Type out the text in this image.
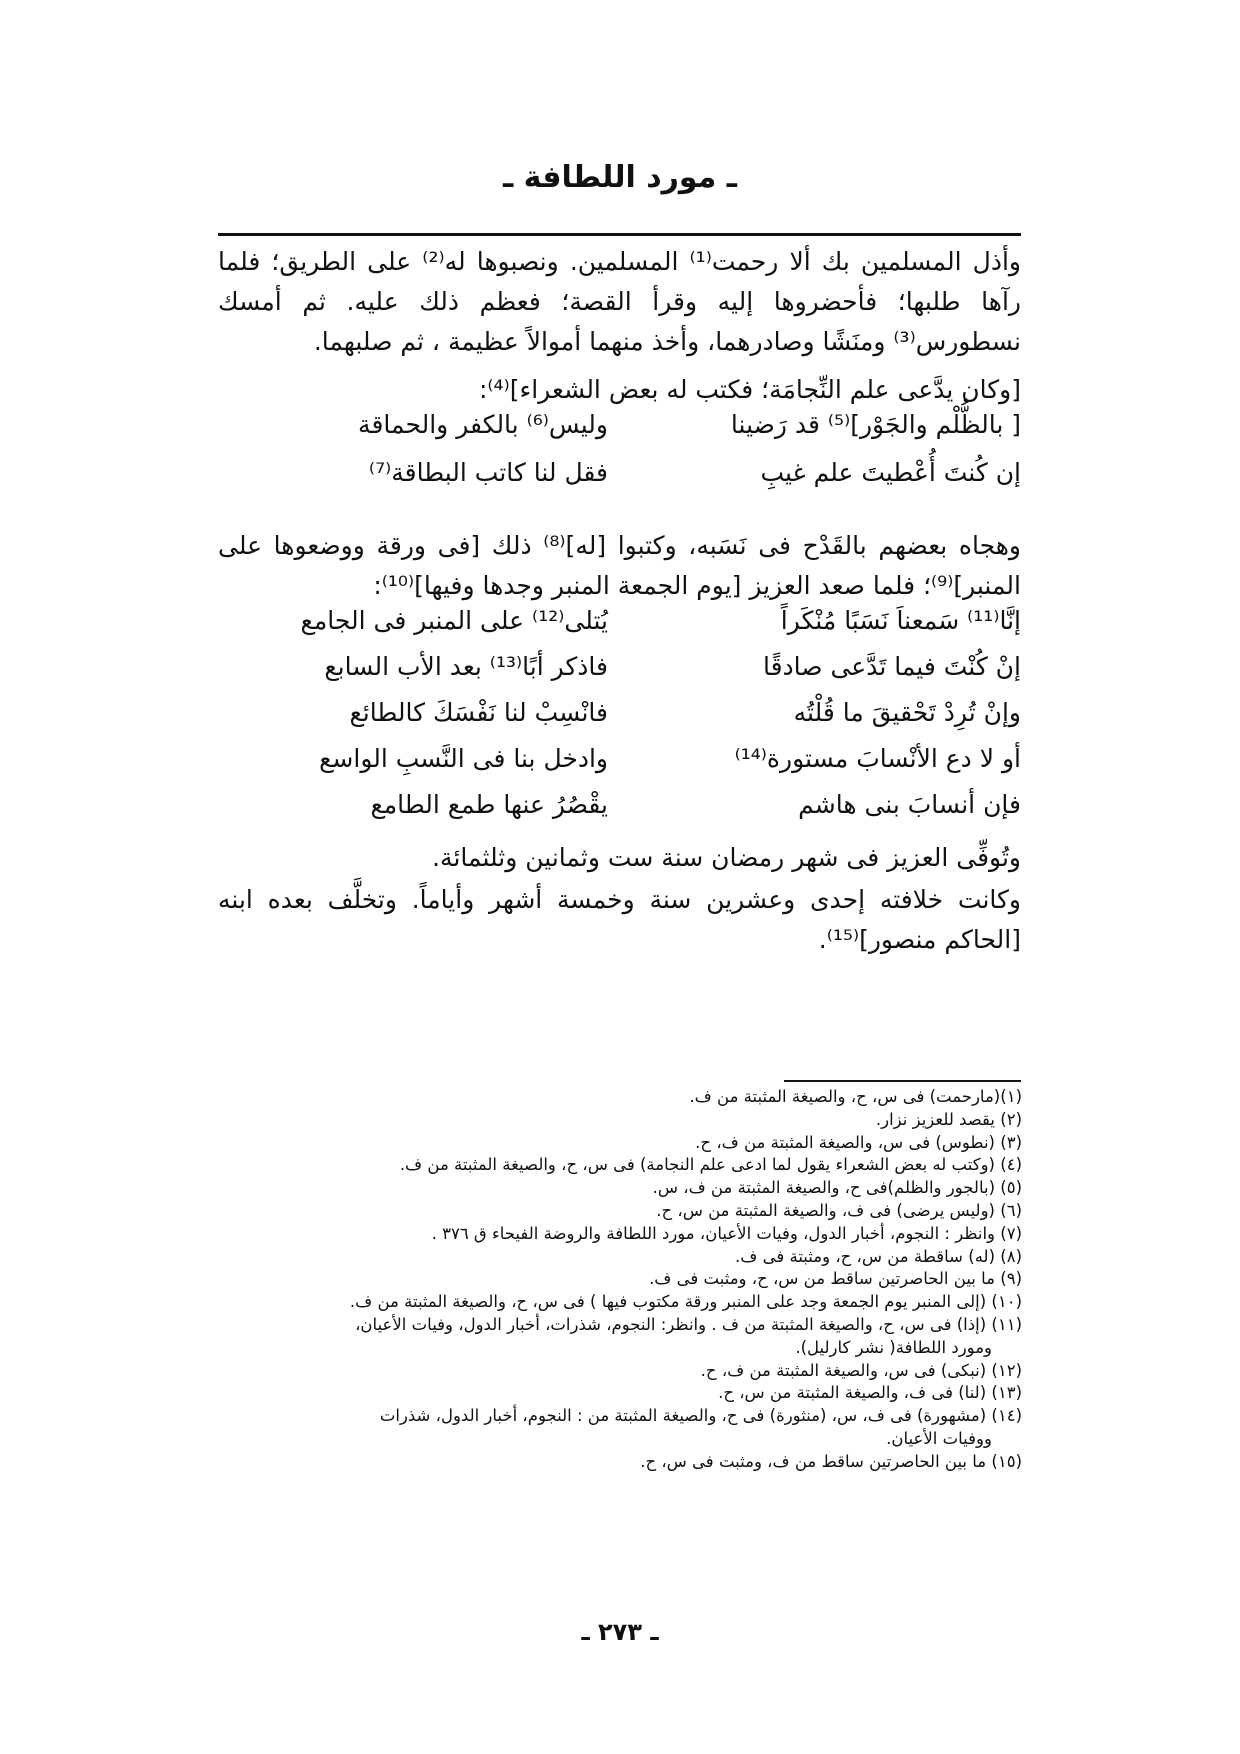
ـ مورد اللطافة ـ
وأذل المسلمين بك ألا رحمت⁽¹⁾ المسلمين. ونصبوها له⁽²⁾ على الطريق؛ فلما رآها طلبها؛ فأحضروها إليه وقرأ القصة؛ فعظم ذلك عليه. ثم أمسك نسطورس⁽³⁾ ومنَشًا وصادرهما، وأخذ منهما أموالاً عظيمة ، ثم صلبهما.
[وكان يدَّعى علم النِّجامَة؛ فكتب له بعض الشعراء]⁽⁴⁾:
[ بالظُّلْم والجَوْر]⁽⁵⁾ قد رَضينا
وليس⁽⁶⁾ بالكفر والحماقة
إن كُنتَ أُعْطيتَ علم غيبِ
فقل لنا كاتب البطاقة⁽⁷⁾
وهجاه بعضهم بالقَدْح فى نَسَبه، وكتبوا [له]⁽⁸⁾ ذلك [فى ورقة ووضعوها على المنبر]⁽⁹⁾؛ فلما صعد العزيز [يوم الجمعة المنبر وجدها وفيها]⁽¹⁰⁾:
إنَّا⁽¹¹⁾ سَمعناَ نَسَبًا مُنْكَراً
يُتلى⁽¹²⁾ على المنبر فى الجامع
إنْ كُنْتَ فيما تَدَّعى صادقًا
فاذكر أبًا⁽¹³⁾ بعد الأب السابع
وإنْ تُرِدْ تَحْقيقَ ما قُلْتُه
فانْسِبْ لنا نَفْسَكَ كالطائع
أو لا دع الأنْسابَ مستورة⁽¹⁴⁾
وادخل بنا فى النَّسبِ الواسع
فإن أنسابَ بنى هاشم
يقْصُرُ عنها طمع الطامع
وتُوفِّى العزيز فى شهر رمضان سنة ست وثمانين وثلثمائة.
وكانت خلافته إحدى وعشرين سنة وخمسة أشهر وأياماً. وتخلَّف بعده ابنه [الحاكم منصور]⁽¹⁵⁾.
(١)(مارحمت) فى س، ح، والصيغة المثبتة من ف.
(٢) يقصد للعزيز نزار.
(٣) (نطوس) فى س، والصيغة المثبتة من ف، ح.
(٤) (وكتب له بعض الشعراء يقول لما ادعى علم النجامة) فى س، ح، والصيغة المثبتة من ف.
(٥) (بالجور والظلم)فى ح، والصيغة المثبتة من ف، س.
(٦) (وليس يرضى) فى ف، والصيغة المثبتة من س، ح.
(٧) وانظر : النجوم، أخبار الدول، وفيات الأعيان، مورد اللطافة والروضة الفيحاء ق ٣٧٦ .
(٨) (له) ساقطة من س، ح، ومثبتة فى ف.
(٩) ما بين الحاصرتين ساقط من س، ح، ومثبت فى ف.
(١٠) (إلى المنبر يوم الجمعة وجد على المنبر ورقة مكتوب فيها ) فى س، ح، والصيغة المثبتة من ف.
(١١) (إذا) فى س، ح، والصيغة المثبتة من ف . وانظر: النجوم، شذرات، أخبار الدول، وفيات الأعيان،
ومورد اللطافة( نشر كارليل).
(١٢) (نبكى) فى س، والصيغة المثبتة من ف، ح.
(١٣) (لنا) فى ف، والصيغة المثبتة من س، ح.
(١٤) (مشهورة) فى ف، س، (منثورة) فى ح، والصيغة المثبتة من : النجوم، أخبار الدول، شذرات
ووفيات الأعيان.
(١٥) ما بين الحاصرتين ساقط من ف، ومثبت فى س، ح.
ـ ٢٧٣ ـ
